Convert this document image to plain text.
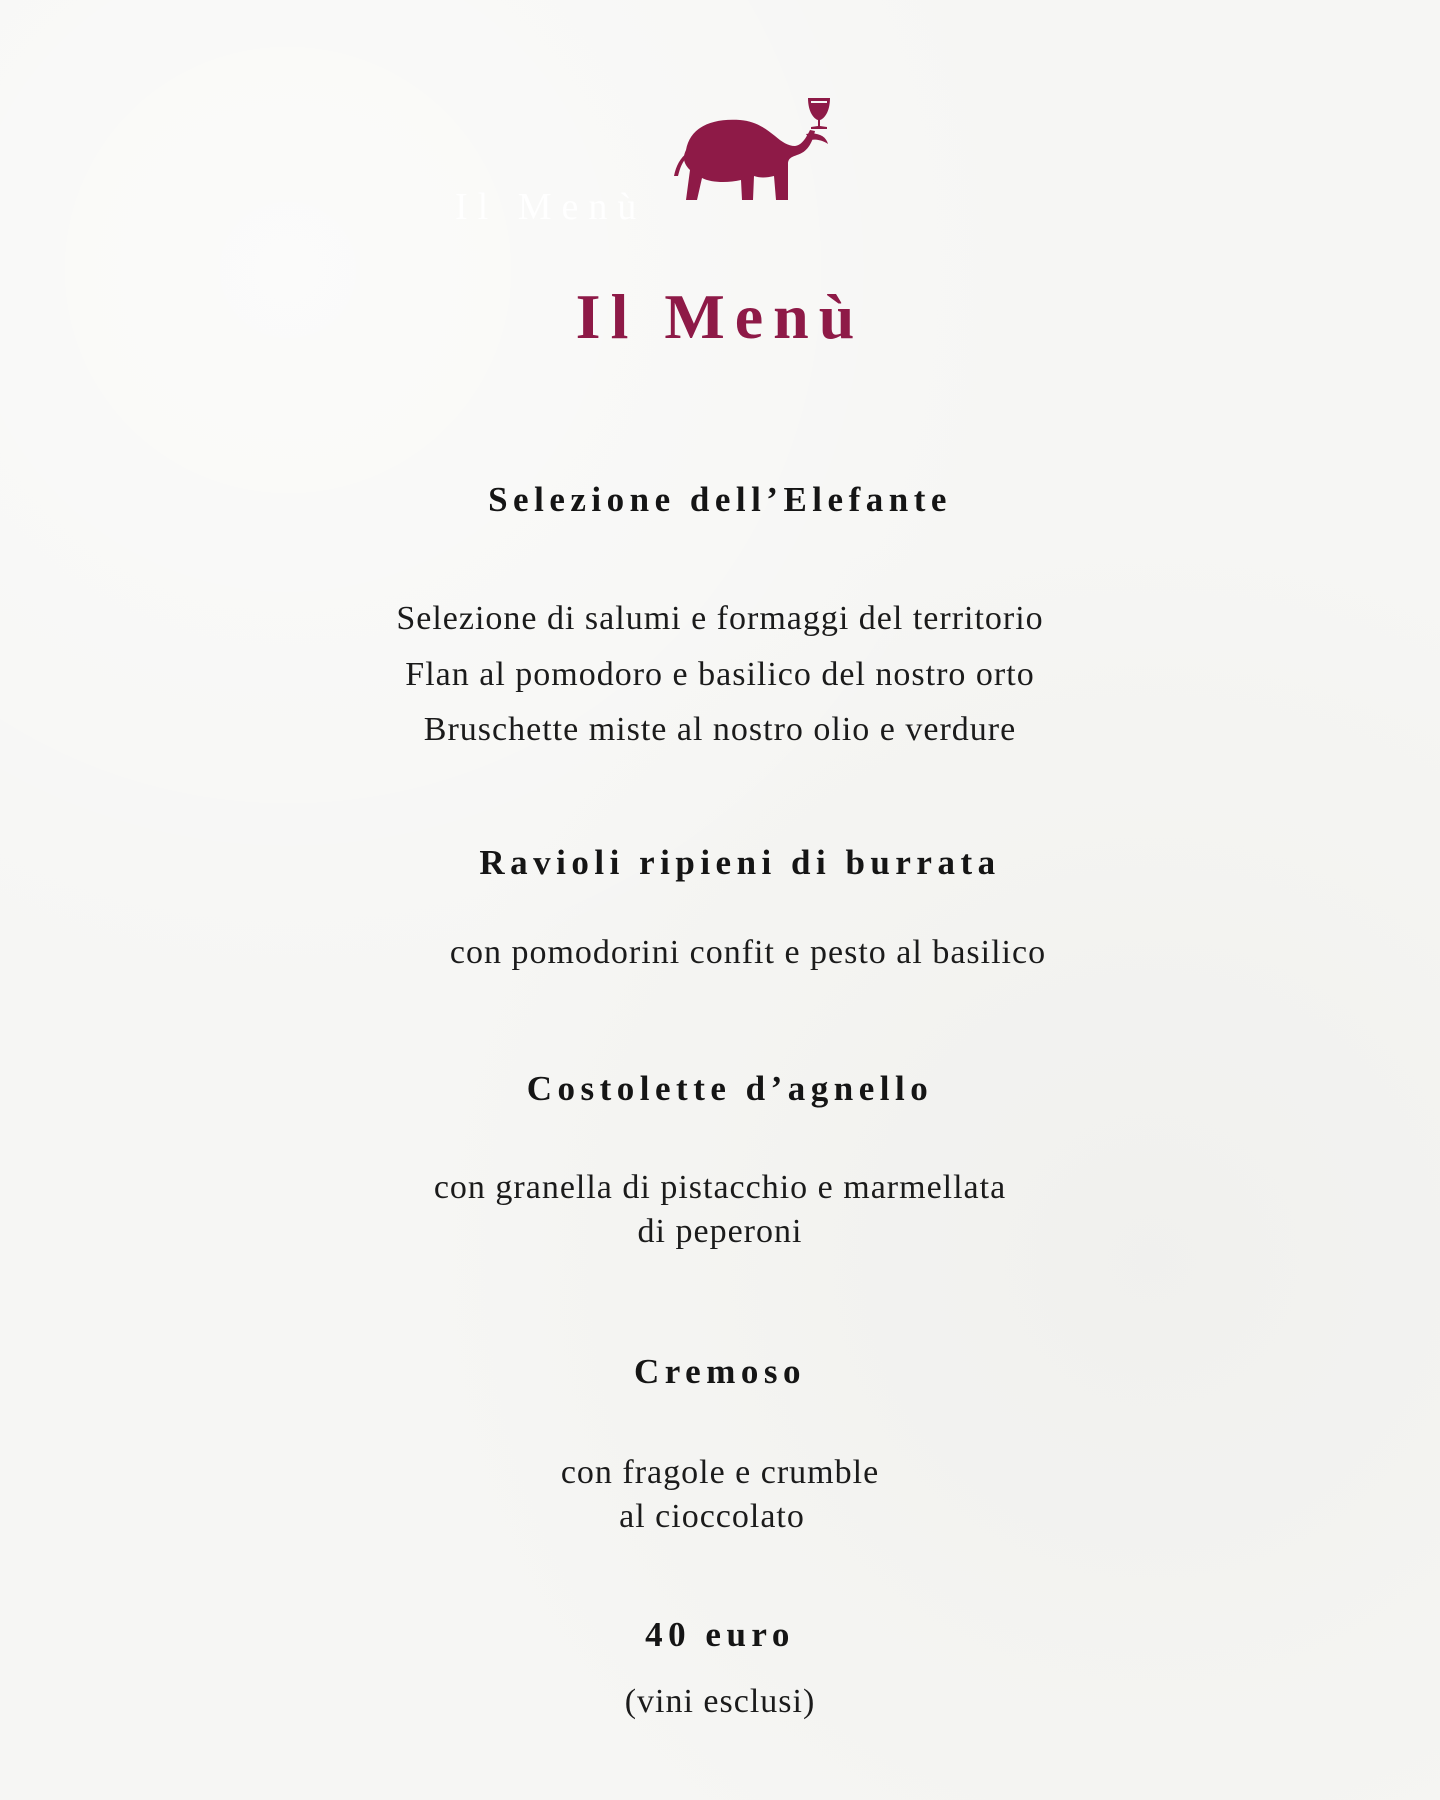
Il Menù
Il Menù
Selezione dell’Elefante
Selezione di salumi e formaggi del territorio
Flan al pomodoro e basilico del nostro orto
Bruschette miste al nostro olio e verdure
Ravioli ripieni di burrata
con pomodorini confit e pesto al basilico
Costolette d’agnello
con granella di pistacchio e marmellata
di peperoni
Cremoso
con fragole e crumble
al cioccolato
40 euro
(vini esclusi)
